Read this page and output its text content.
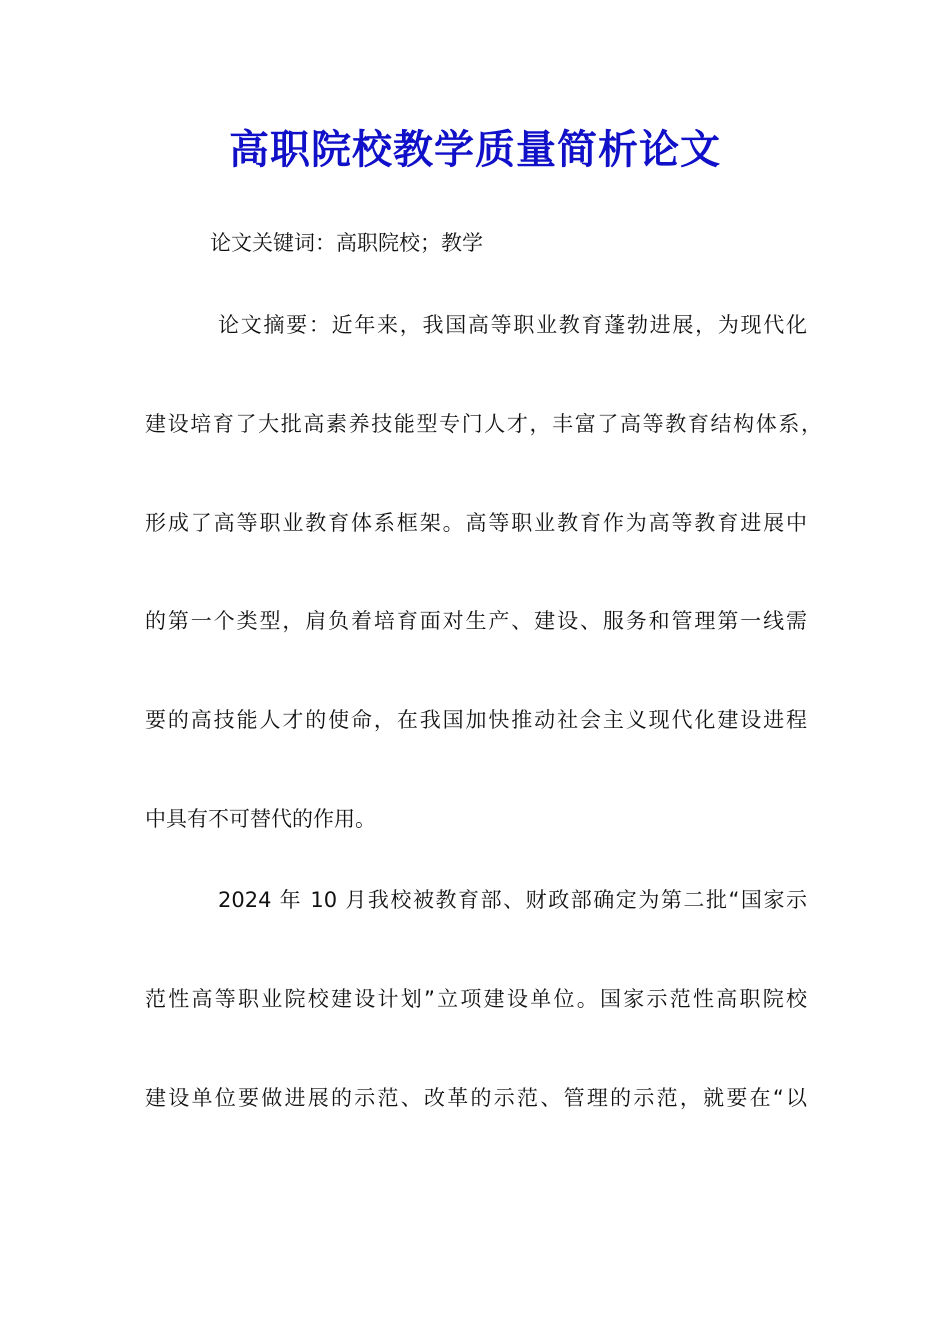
高职院校教学质量简析论文
论文关键词：高职院校；教学
论文摘要：近年来，我国高等职业教育蓬勃进展，为现代化
建设培育了大批高素养技能型专门人才，丰富了高等教育结构体系，
形成了高等职业教育体系框架。高等职业教育作为高等教育进展中
的第一个类型，肩负着培育面对生产、建设、服务和管理第一线需
要的高技能人才的使命，在我国加快推动社会主义现代化建设进程
中具有不可替代的作用。
2024 年 10 月我校被教育部、财政部确定为第二批“国家示
范性高等职业院校建设计划”立项建设单位。国家示范性高职院校
建设单位要做进展的示范、改革的示范、管理的示范，就要在“以
